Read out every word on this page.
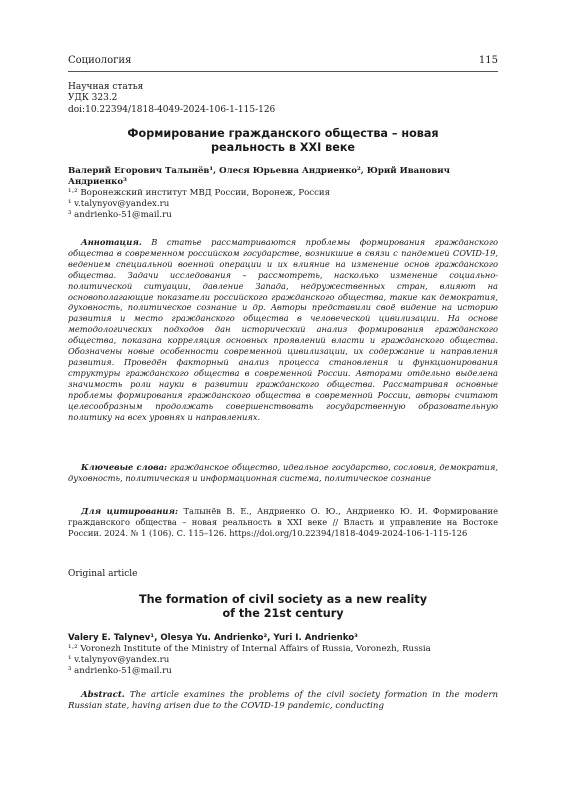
Социология	115
Научная статья
УДК 323.2
doi:10.22394/1818-4049-2024-106-1-115-126
Формирование гражданского общества – новая
реальность в XXI веке
Валерий Егорович Талынёв¹, Олеся Юрьевна Андриенко², Юрий Иванович
Андриенко³
¹·² Воронежский институт МВД России, Воронеж, Россия
¹ v.talynyov@yandex.ru
³ andrienko-51@mail.ru
Аннотация. В статье рассматриваются проблемы формирования гражданского общества в современном российском государстве, возникшие в связи с пандемией COVID-19, ведением специальной военной операции и их влияние на изменение основ гражданского общества. Задачи исследования – рассмотреть, насколько изменение социально-политической ситуации, давление Запада, недружественных стран, влияют на основополагающие показатели российского гражданского общества, такие как демократия, духовность, политическое сознание и др. Авторы представили своё видение на историю развития и место гражданского общества в человеческой цивилизации. На основе методологических подходов дан исторический анализ формирования гражданского общества, показана корреляция основных проявлений власти и гражданского общества. Обозначены новые особенности современной цивилизации, их содержание и направления развития. Проведён факторный анализ процесса становления и функционирования структуры гражданского общества в современной России. Авторами отдельно выделена значимость роли науки в развитии гражданского общества. Рассматривая основные проблемы формирования гражданского общества в современной России, авторы считают целесообразным продолжать совершенствовать государственную образовательную политику на всех уровнях и направлениях.
Ключевые слова: гражданское общество, идеальное государство, сословия, демократия, духовность, политическая и информационная система, политическое сознание
Для цитирования: Талынёв В. Е., Андриенко О. Ю., Андриенко Ю. И. Формирование гражданского общества – новая реальность в XXI веке // Власть и управление на Востоке России. 2024. № 1 (106). С. 115–126. https://doi.org/10.22394/1818-4049-2024-106-1-115-126
Original article
The formation of civil society as a new reality
of the 21st century
Valery E. Talynev¹, Olesya Yu. Andrienko², Yuri I. Andrienko³
¹·² Voronezh Institute of the Ministry of Internal Affairs of Russia, Voronezh, Russia
¹ v.talynyov@yandex.ru
³ andrienko-51@mail.ru
Abstract. The article examines the problems of the civil society formation in the modern Russian state, having arisen due to the COVID-19 pandemic, conducting
